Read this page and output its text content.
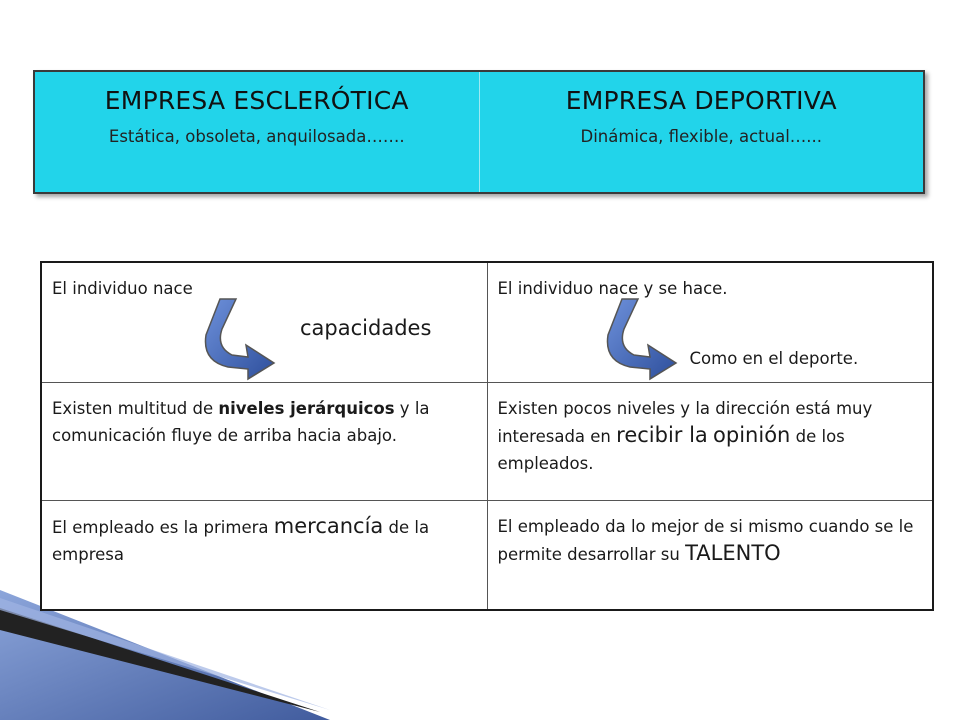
EMPRESA ESCLERÓTICA
Estática, obsoleta, anquilosada…….
EMPRESA DEPORTIVA
Dinámica, flexible, actual…...
El individuo nace
capacidades
El individuo nace y se hace.
Como en el deporte.
Existen multitud de niveles jerárquicos y la comunicación fluye de arriba hacia abajo.
Existen pocos niveles y la dirección está muy interesada en recibir la opinión de los empleados.
El empleado es la primera mercancía de la empresa
El empleado da lo mejor de si mismo cuando se le permite desarrollar su TALENTO
